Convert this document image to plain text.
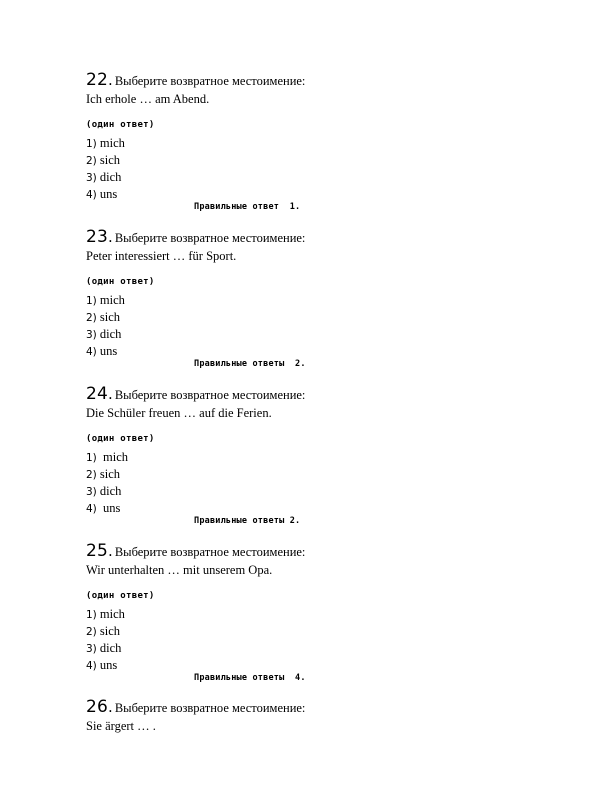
22. Выберите возвратное местоимение:
Ich erhole … am Abend.
(один ответ)
1) mich
2) sich
3) dich
4) uns
Правильные ответ  1.
23. Выберите возвратное местоимение:
Peter interessiert … für Sport.
(один ответ)
1) mich
2) sich
3) dich
4) uns
Правильные ответы  2.
24. Выберите возвратное местоимение:
Die Schüler freuen … auf die Ferien.
(один ответ)
1)  mich
2) sich
3) dich
4)  uns
Правильные ответы 2.
25. Выберите возвратное местоимение:
Wir unterhalten … mit unserem Opa.
(один ответ)
1) mich
2) sich
3) dich
4) uns
Правильные ответы  4.
26. Выберите возвратное местоимение:
Sie ärgert … .
